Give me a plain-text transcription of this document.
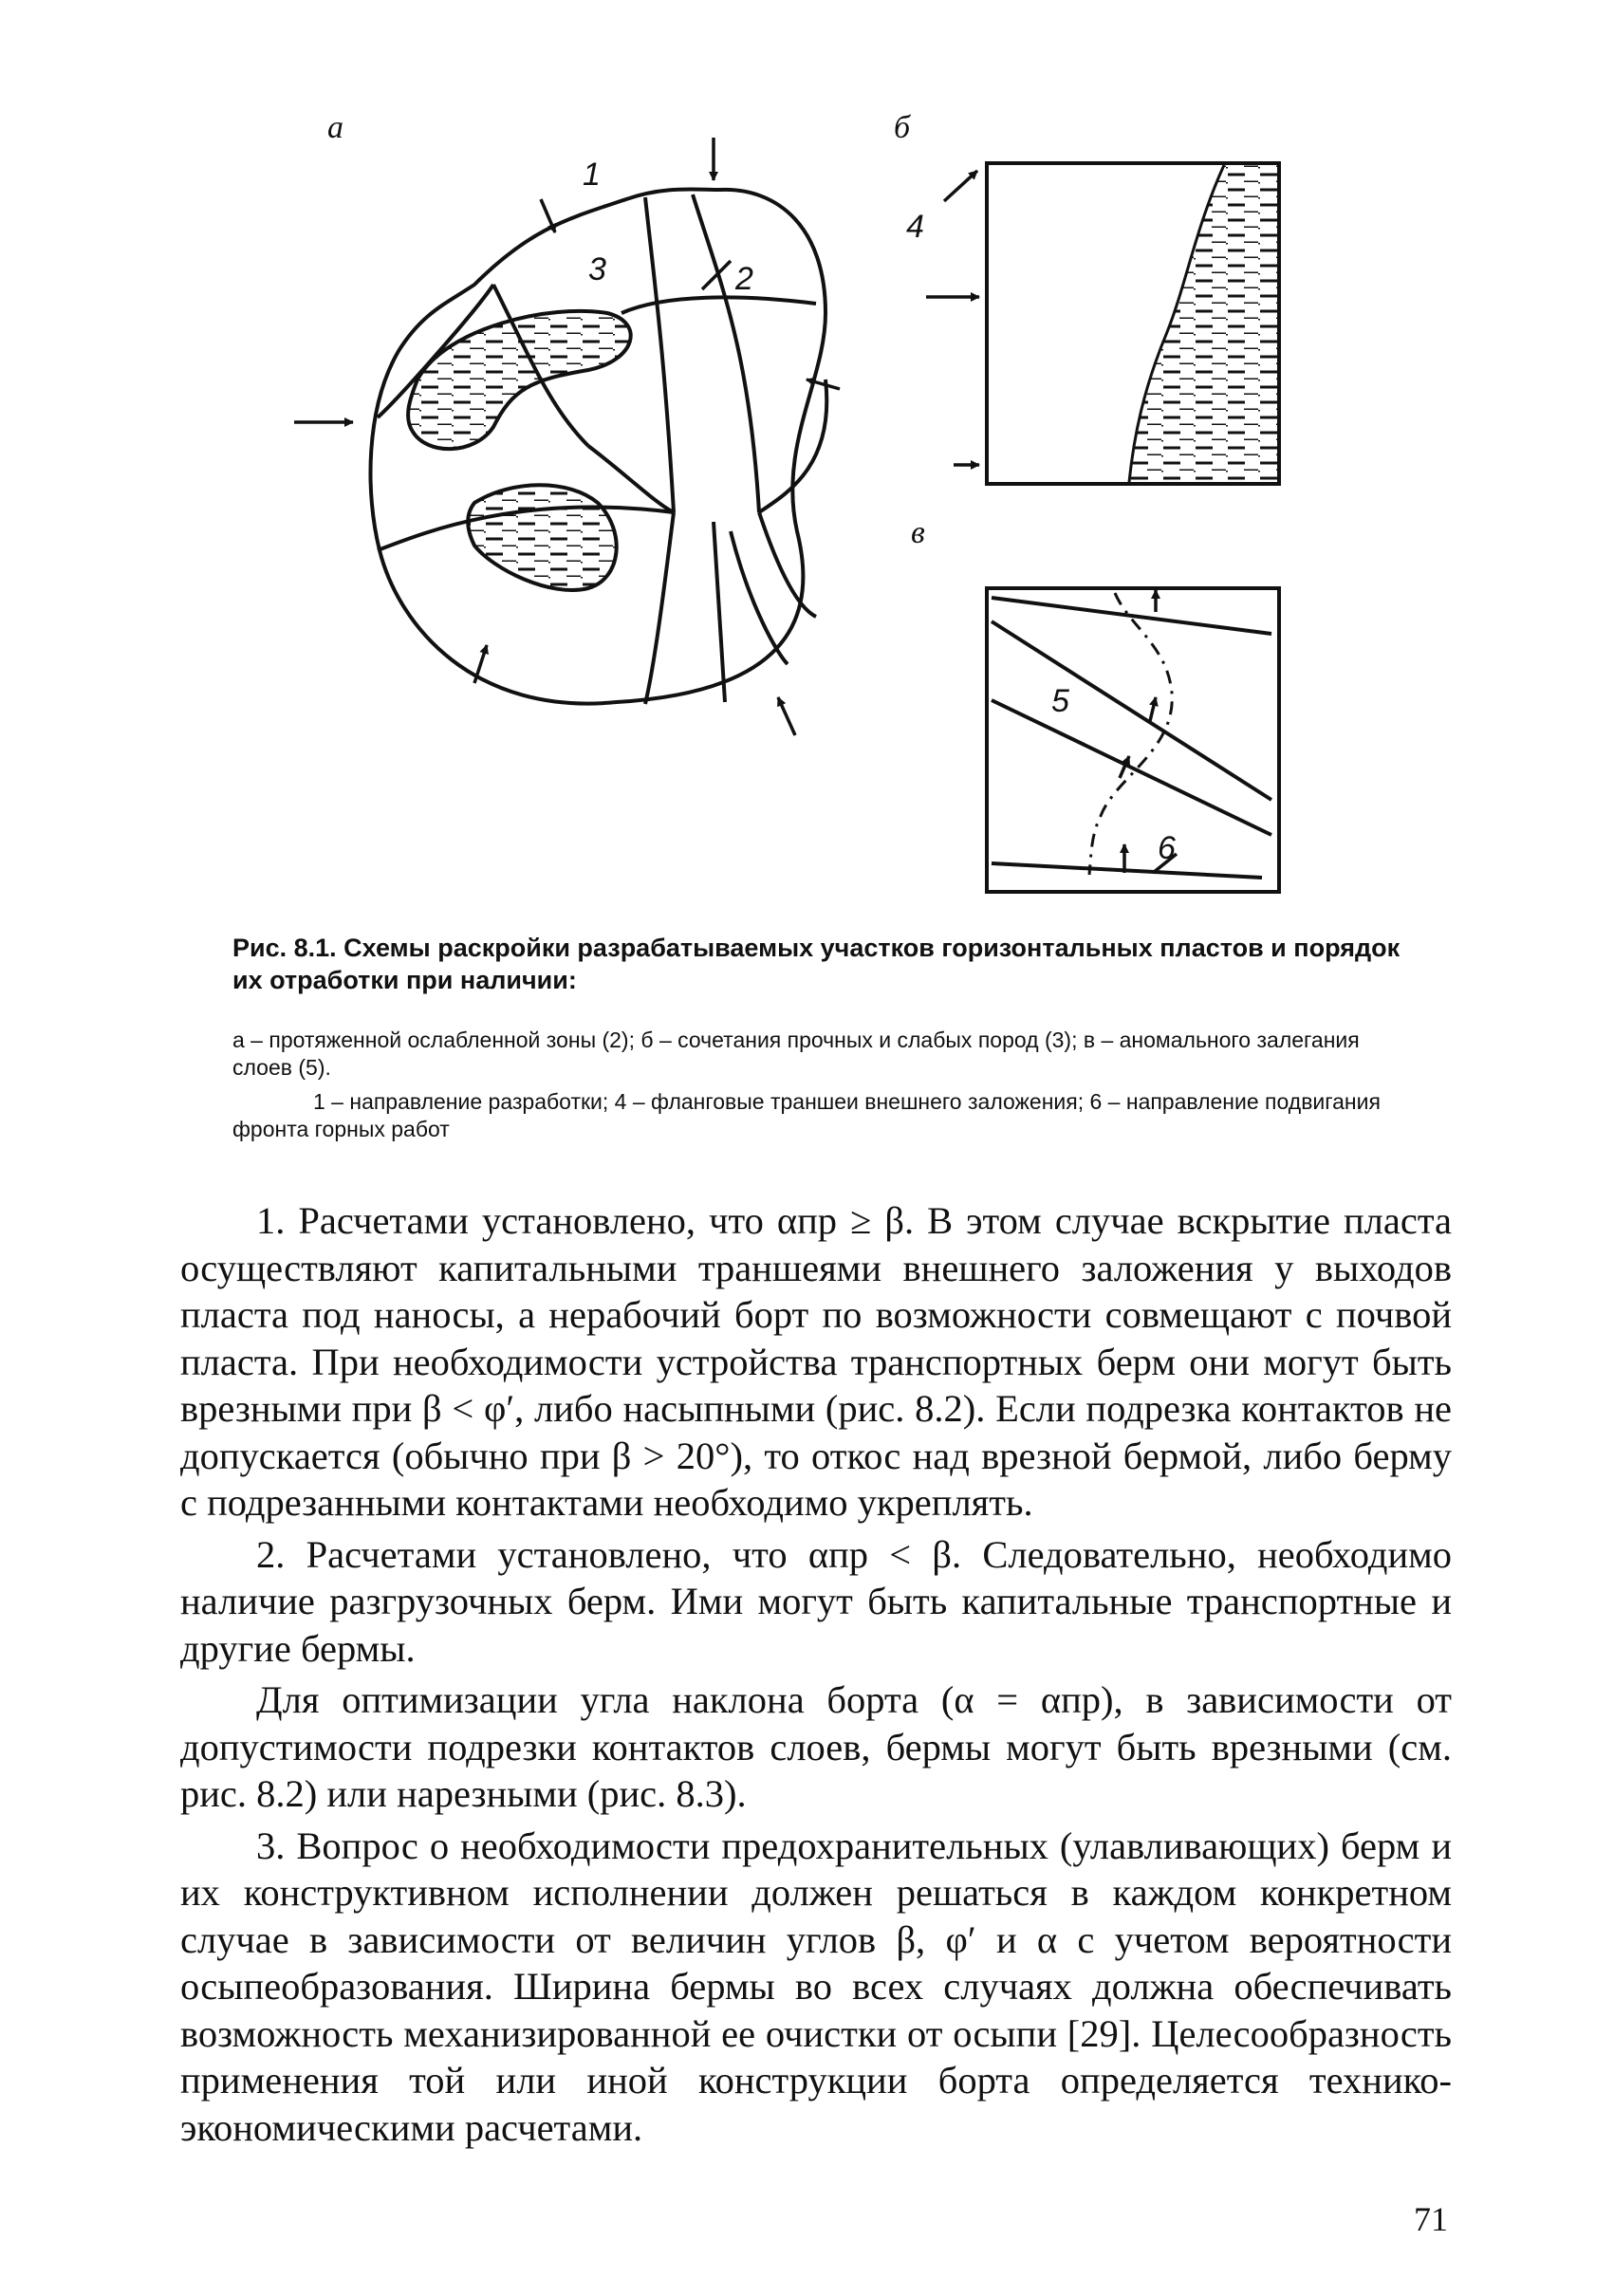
а	б
в
1
2
3
4
5
6
Рис. 8.1. Схемы раскройки разрабатываемых участков горизонтальных пластов и порядок их отработки при наличии:
а – протяженной ослабленной зоны (2); б – сочетания прочных и слабых пород (3); в – аномального залегания слоев (5).
1 – направление разработки; 4 – фланговые траншеи внешнего заложения; 6 – направление подвигания фронта горных работ

1. Расчетами установлено, что αпр ≥ β. В этом случае вскрытие пласта осуществляют капитальными траншеями внешнего заложения у выходов пласта под наносы, а нерабочий борт по возможности совмещают с почвой пласта. При необходимости устройства транспортных берм они могут быть врезными при β < φ′, либо насыпными (рис. 8.2). Если подрезка контактов не допускается (обычно при β > 20°), то откос над врезной бермой, либо берму с подрезанными контактами необходимо укреплять.

2. Расчетами установлено, что αпр < β. Следовательно, необходимо наличие разгрузочных берм. Ими могут быть капитальные транспортные и другие бермы.

Для оптимизации угла наклона борта (α = αпр), в зависимости от допустимости подрезки контактов слоев, бермы могут быть врезными (см. рис. 8.2) или нарезными (рис. 8.3).

3. Вопрос о необходимости предохранительных (улавливающих) берм и их конструктивном исполнении должен решаться в каждом конкретном случае в зависимости от величин углов β, φ′ и α с учетом вероятности осыпеобразования. Ширина бермы во всех случаях должна обеспечивать возможность механизированной ее очистки от осыпи [29]. Целесообразность применения той или иной конструкции борта определяется технико-экономическими расчетами.

71
